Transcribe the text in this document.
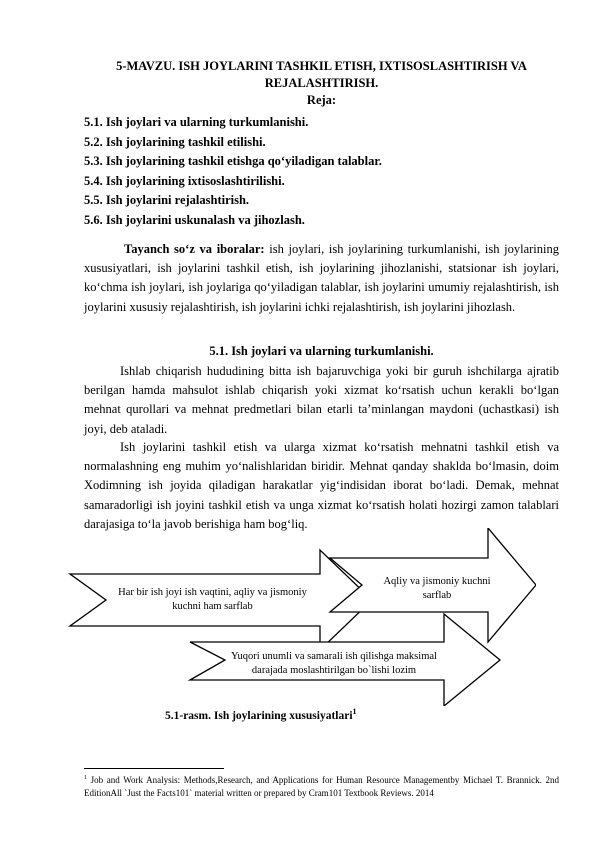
5-MAVZU. ISH JOYLARINI TASHKIL ETISH, IXTISOSLASHTIRISH VA REJALASHTIRISH.
Reja:
5.1. Ish joylari va ularning turkumlanishi.
5.2. Ish joylarining tashkil etilishi.
5.3. Ish joylarining tashkil etishga qo‘yiladigan talablar.
5.4. Ish joylarining ixtisoslashtirilishi.
5.5. Ish joylarini rejalashtirish.
5.6. Ish joylarini uskunalash va jihozlash.

Tayanch so‘z va iboralar: ish joylari, ish joylarining turkumlanishi, ish joylarining xususiyatlari, ish joylarini tashkil etish, ish joylarining jihozlanishi, statsionar ish joylari, ko‘chma ish joylari, ish joylariga qo‘yiladigan talablar, ish joylarini umumiy rejalashtirish, ish joylarini xususiy rejalashtirish, ish joylarini ichki rejalashtirish, ish joylarini jihozlash.

5.1. Ish joylari va ularning turkumlanishi.

Ishlab chiqarish hududining bitta ish bajaruvchiga yoki bir guruh ishchilarga ajratib berilgan hamda mahsulot ishlab chiqarish yoki xizmat ko‘rsatish uchun kerakli bo‘lgan mehnat qurollari va mehnat predmetlari bilan etarli ta’minlangan maydoni (uchastkasi) ish joyi, deb ataladi.

Ish joylarini tashkil etish va ularga xizmat ko‘rsatish mehnatni tashkil etish va normalashning eng muhim yo‘nalishlaridan biridir. Mehnat qanday shaklda bo‘lmasin, doim Xodimning ish joyida qiladigan harakatlar yig‘indisidan iborat bo‘ladi. Demak, mehnat samaradorligi ish joyini tashkil etish va unga xizmat ko‘rsatish holati hozirgi zamon talablari darajasiga to‘la javob berishiga ham bog‘liq.

Har bir ish joyi ish vaqtini, aqliy va jismoniy kuchni ham sarflab
Aqliy va jismoniy kuchni sarflab
Yuqori unumli va samarali ish qilishga maksimal darajada moslashtirilgan bo`lishi lozim
5.1-rasm. Ish joylarining xususiyatlari$^1$

$^1$ Job and Work Analysis: Methods,Research, and Applications for Human Resource Managementby Michael T. Brannick. 2nd EditionAll `Just the Facts101` material written or prepared by Cram101 Textbook Reviews. 2014
